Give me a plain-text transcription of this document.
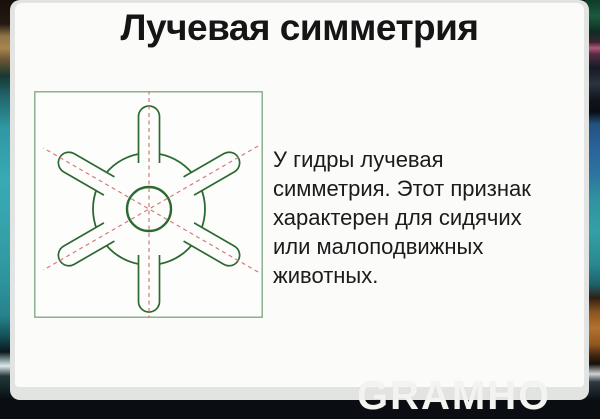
Лучевая симметрия
У гидры лучевая
симметрия. Этот признак
характерен для сидячих
или малоподвижных
животных.
GRAMHO
